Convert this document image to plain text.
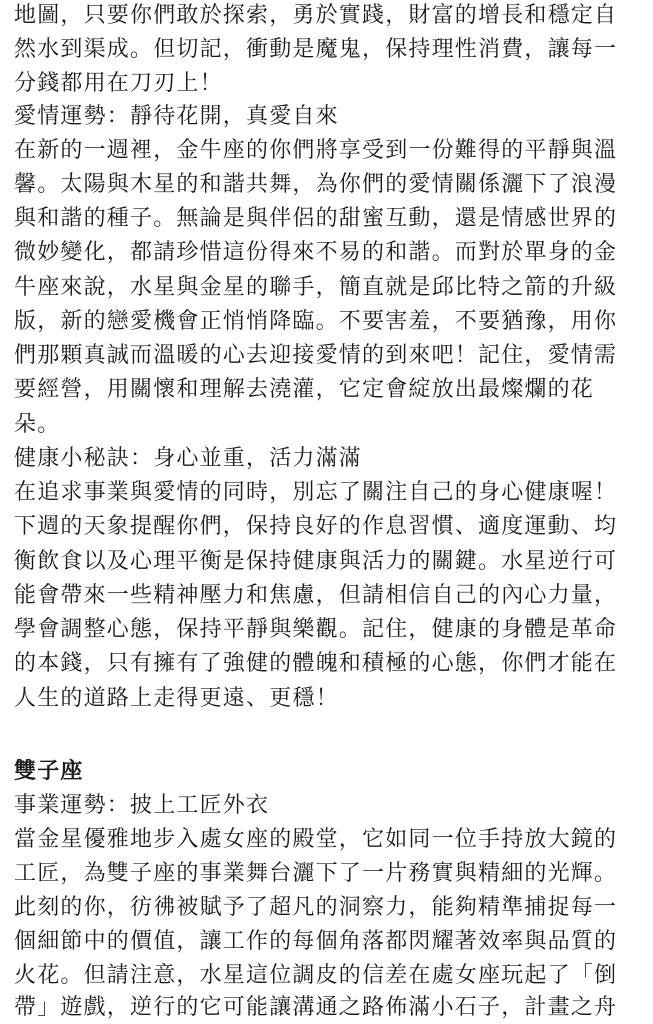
地圖，只要你們敢於探索，勇於實踐，財富的增長和穩定自
然水到渠成。但切記，衝動是魔鬼，保持理性消費，讓每一
分錢都用在刀刃上！
愛情運勢：靜待花開，真愛自來
在新的一週裡，金牛座的你們將享受到一份難得的平靜與溫
馨。太陽與木星的和諧共舞，為你們的愛情關係灑下了浪漫
與和諧的種子。無論是與伴侶的甜蜜互動，還是情感世界的
微妙變化，都請珍惜這份得來不易的和諧。而對於單身的金
牛座來說，水星與金星的聯手，簡直就是邱比特之箭的升級
版，新的戀愛機會正悄悄降臨。不要害羞，不要猶豫，用你
們那顆真誠而溫暖的心去迎接愛情的到來吧！記住，愛情需
要經營，用關懷和理解去澆灌，它定會綻放出最燦爛的花
朵。
健康小秘訣：身心並重，活力滿滿
在追求事業與愛情的同時，別忘了關注自己的身心健康喔！
下週的天象提醒你們，保持良好的作息習慣、適度運動、均
衡飲食以及心理平衡是保持健康與活力的關鍵。水星逆行可
能會帶來一些精神壓力和焦慮，但請相信自己的內心力量，
學會調整心態，保持平靜與樂觀。記住，健康的身體是革命
的本錢，只有擁有了強健的體魄和積極的心態，你們才能在
人生的道路上走得更遠、更穩！
雙子座
事業運勢：披上工匠外衣
當金星優雅地步入處女座的殿堂，它如同一位手持放大鏡的
工匠，為雙子座的事業舞台灑下了一片務實與精細的光輝。
此刻的你，彷彿被賦予了超凡的洞察力，能夠精準捕捉每一
個細節中的價值，讓工作的每個角落都閃耀著效率與品質的
火花。但請注意，水星這位調皮的信差在處女座玩起了「倒
帶」遊戲，逆行的它可能讓溝通之路佈滿小石子，計畫之舟
